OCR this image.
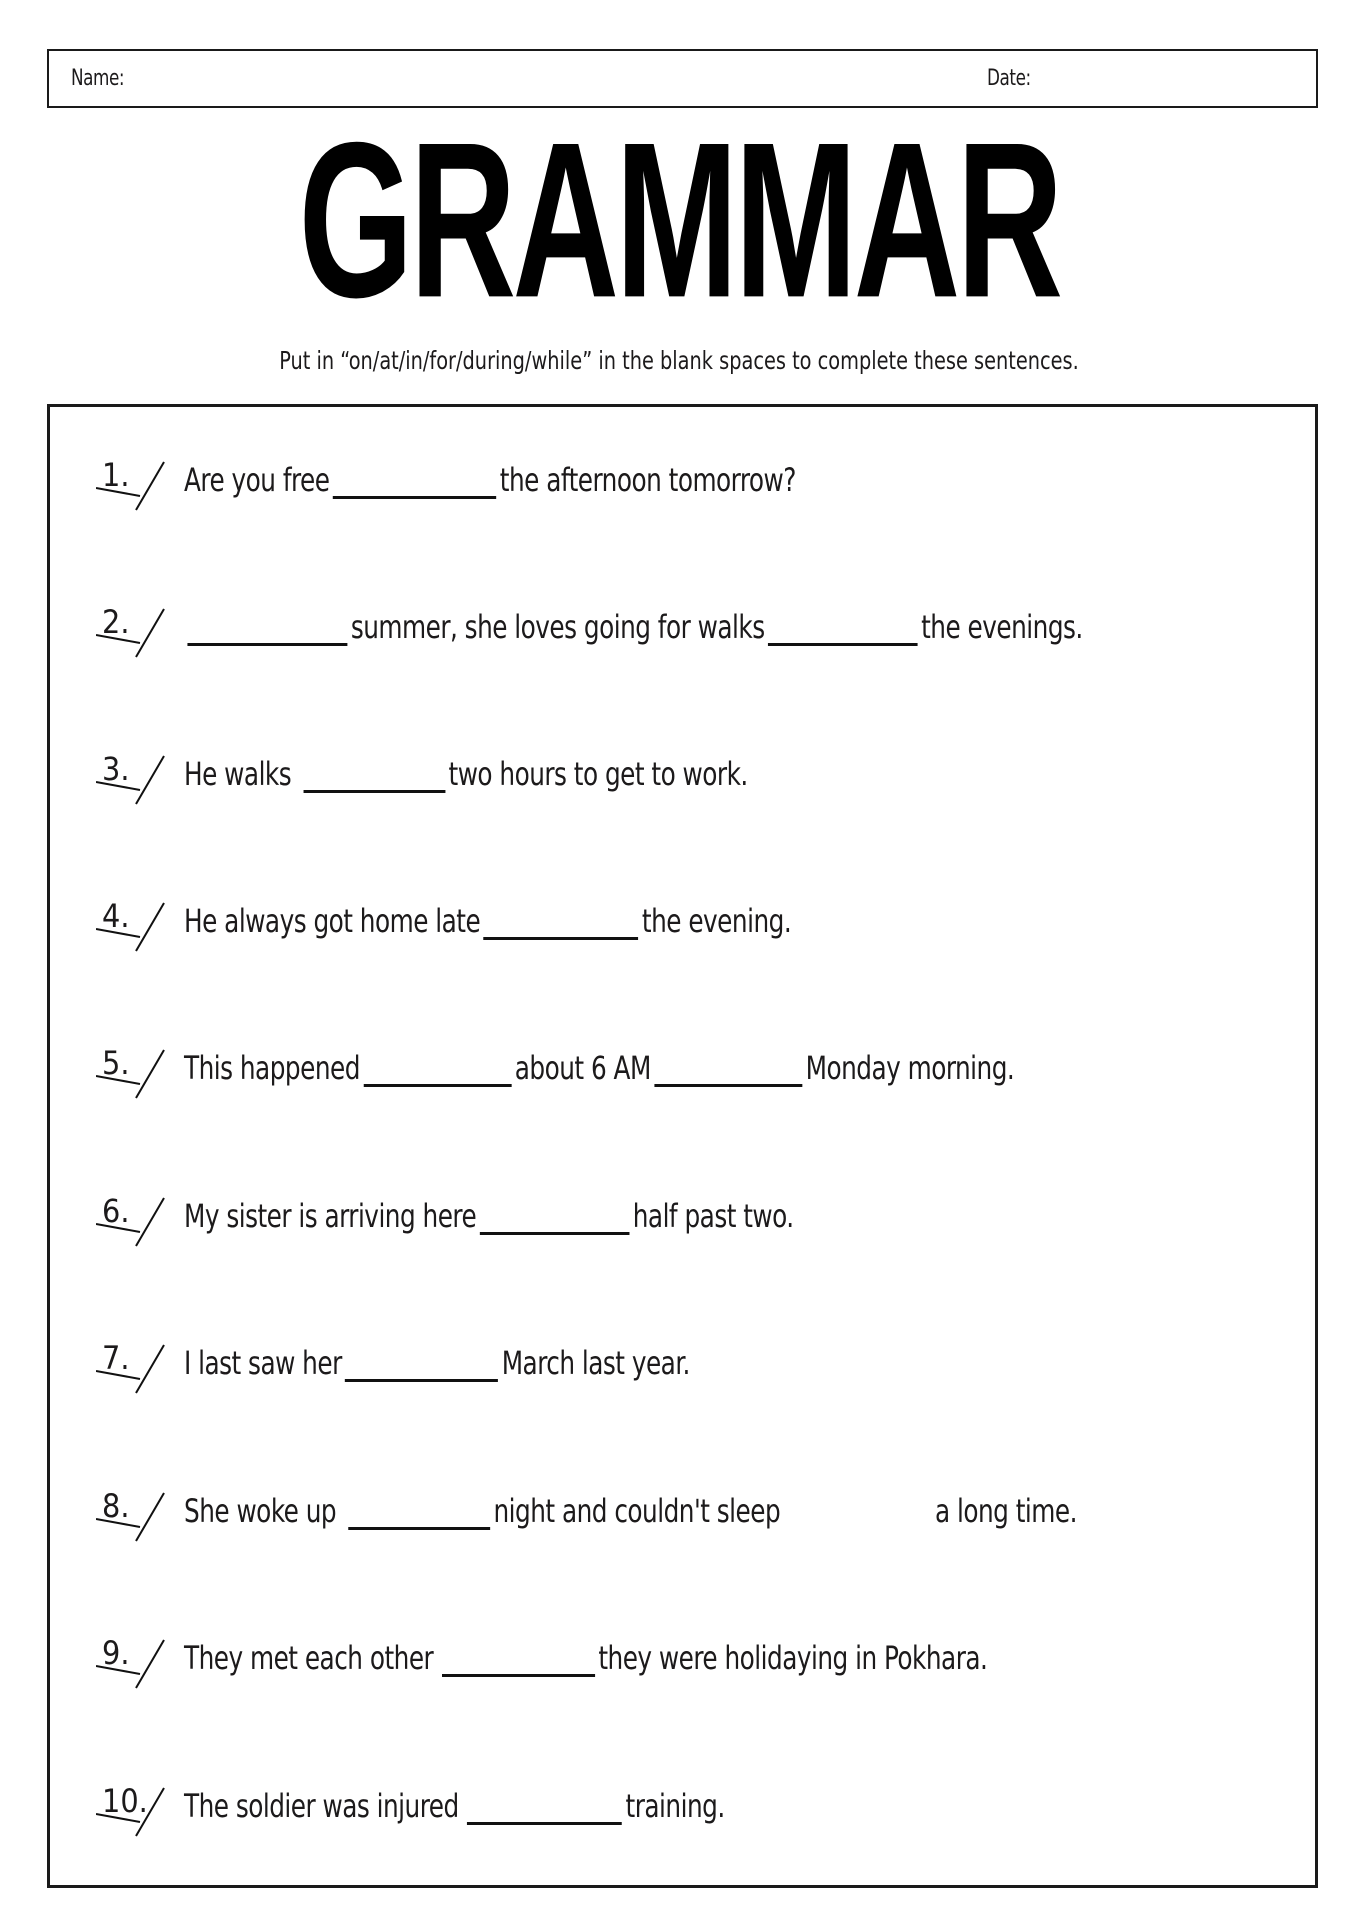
Name:	Date:
GRAMMAR
Put in “on/at/in/for/during/while” in the blank spaces to complete these sentences.
1. Are you free	the afternoon tomorrow?
2.	summer, she loves going for walks	the evenings.
3. He walks	two hours to get to work.
4. He always got home late	the evening.
5. This happened	about 6 AM	Monday morning.
6. My sister is arriving here	half past two.
7. I last saw her	March last year.
8. She woke up	night and couldn't sleep	a long time.
9. They met each other	they were holidaying in Pokhara.
10. The soldier was injured	training.
